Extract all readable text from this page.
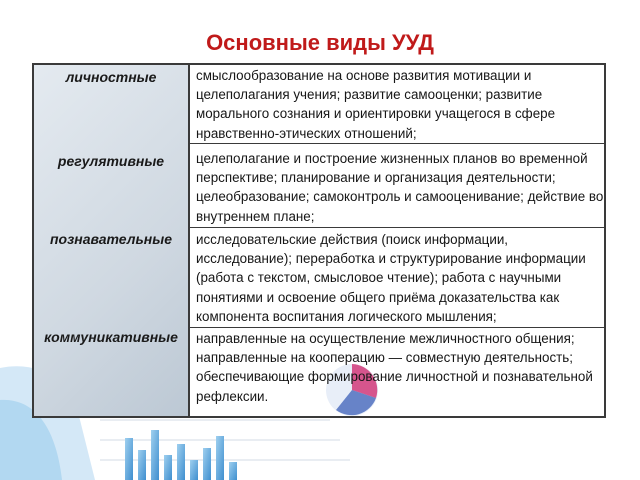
Основные виды УУД
личностные	смыслообразование на основе развития мотивации и целеполагания учения; развитие самооценки; развитие морального сознания и ориентировки учащегося в сфере нравственно-этических отношений;
регулятивные	целеполагание и построение жизненных планов во временной перспективе; планирование и организация деятельности; целеобразование; самоконтроль и самооценивание; действие во внутреннем плане;
познавательные	исследовательские действия (поиск информации, исследование); переработка и структурирование информации (работа с текстом, смысловое чтение); работа с научными понятиями и освоение общего приёма доказательства как компонента воспитания логического мышления;
коммуникативные	направленные на осуществление межличностного общения; направленные на кооперацию — совместную деятельность; обеспечивающие формирование личностной и познавательной рефлексии.
